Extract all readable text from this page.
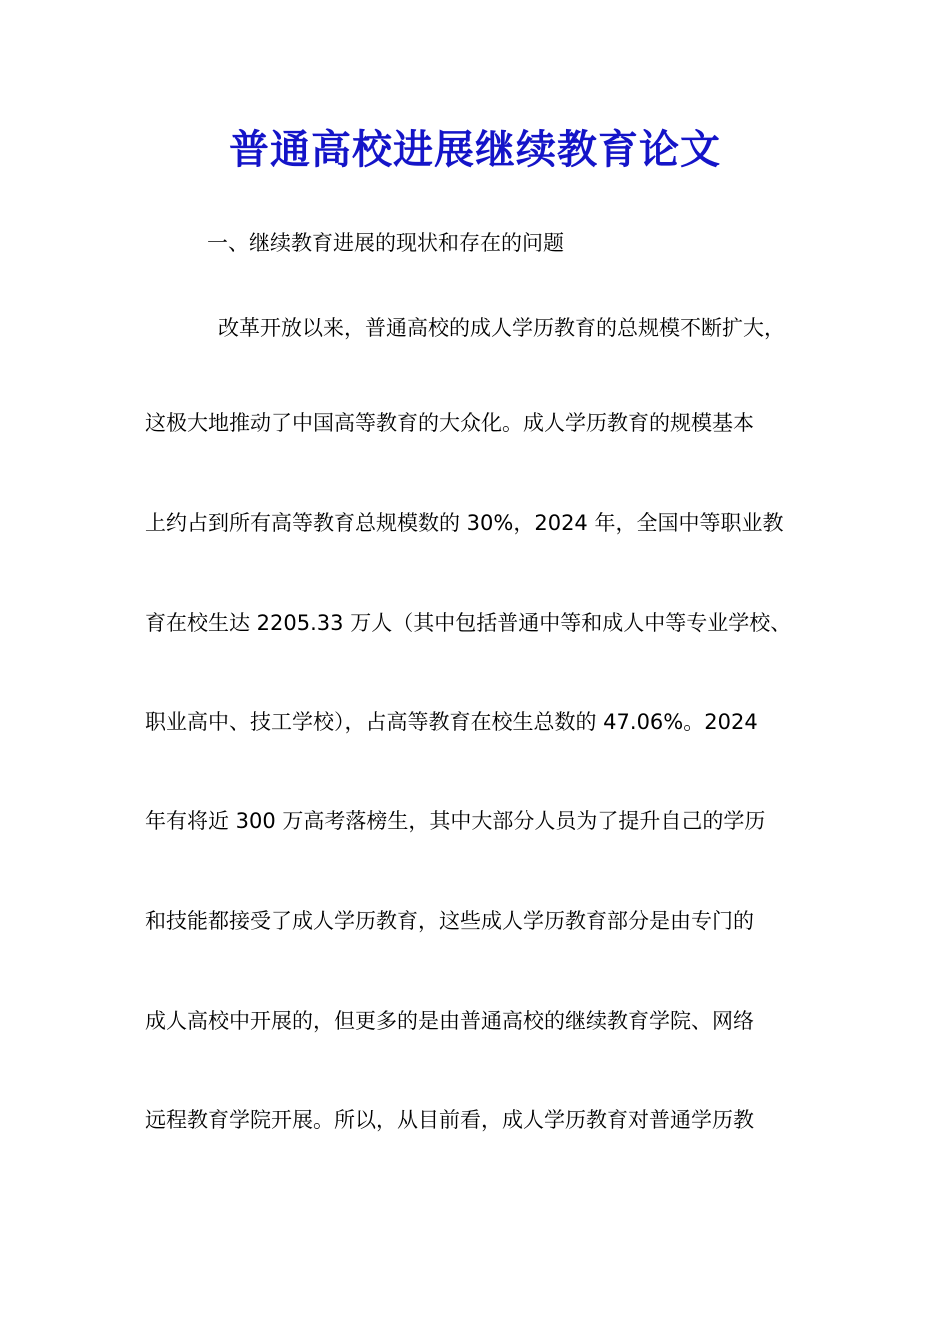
普通高校进展继续教育论文
一、继续教育进展的现状和存在的问题
改革开放以来，普通高校的成人学历教育的总规模不断扩大，
这极大地推动了中国高等教育的大众化。成人学历教育的规模基本
上约占到所有高等教育总规模数的 30%，2024 年，全国中等职业教
育在校生达 2205.33 万人（其中包括普通中等和成人中等专业学校、
职业高中、技工学校），占高等教育在校生总数的 47.06%。2024
年有将近 300 万高考落榜生，其中大部分人员为了提升自己的学历
和技能都接受了成人学历教育，这些成人学历教育部分是由专门的
成人高校中开展的，但更多的是由普通高校的继续教育学院、网络
远程教育学院开展。所以，从目前看，成人学历教育对普通学历教
